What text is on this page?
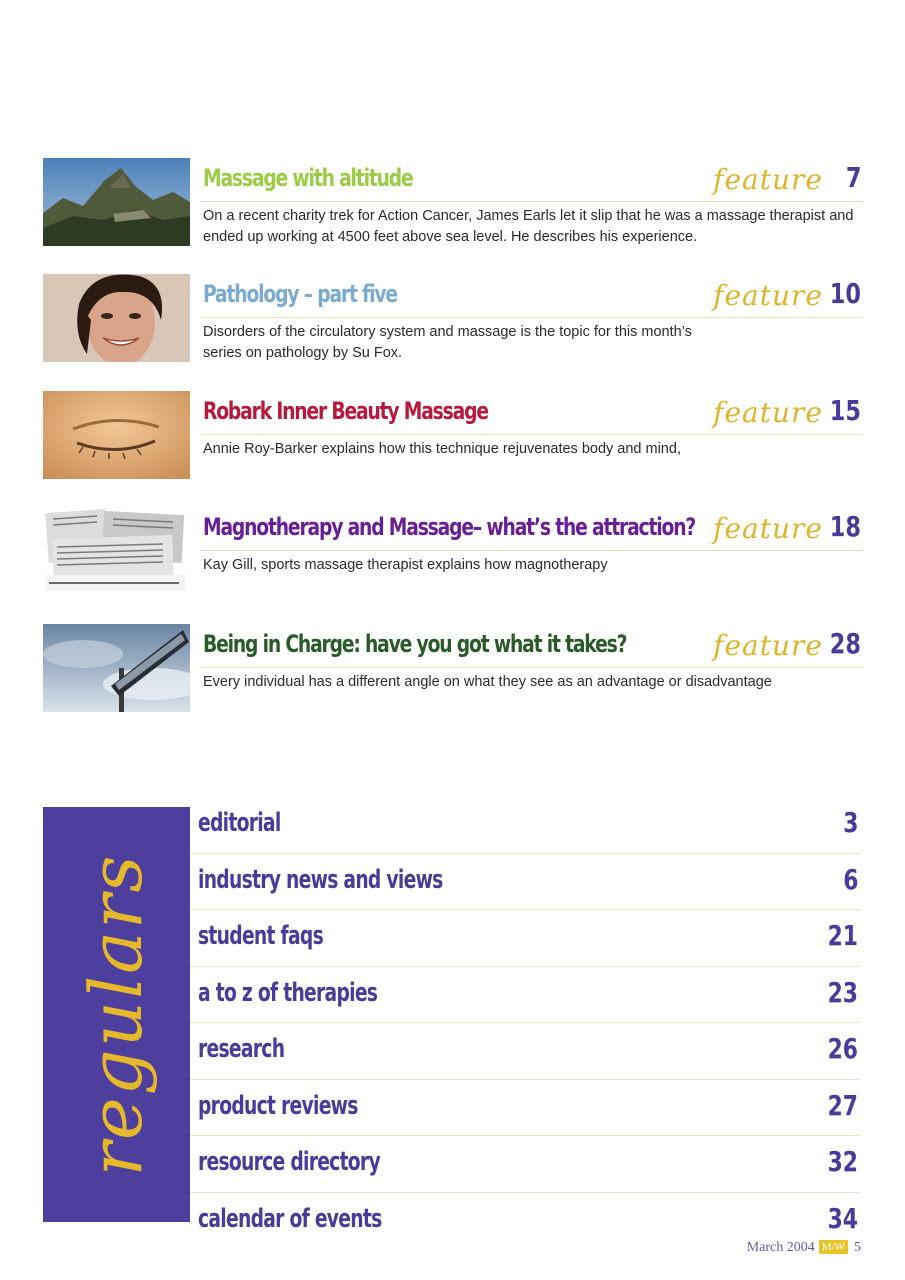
Massage with altitude	feature 7
On a recent charity trek for Action Cancer, James Earls let it slip that he was a massage therapist and ended up working at 4500 feet above sea level. He describes his experience.
Pathology – part five	feature 10
Disorders of the circulatory system and massage is the topic for this month’s series on pathology by Su Fox.
Robark Inner Beauty Massage	feature 15
Annie Roy-Barker explains how this technique rejuvenates body and mind,
Magnotherapy and Massage– what’s the attraction? feature 18
Kay Gill, sports massage therapist explains how magnotherapy
Being in Charge: have you got what it takes?	feature 28
Every individual has a different angle on what they see as an advantage or disadvantage
regulars
editorial	3
industry news and views	6
student faqs	21
a to z of therapies	23
research	26
product reviews	27
resource directory	32
calendar of events	34
March 2004 M/W 5
